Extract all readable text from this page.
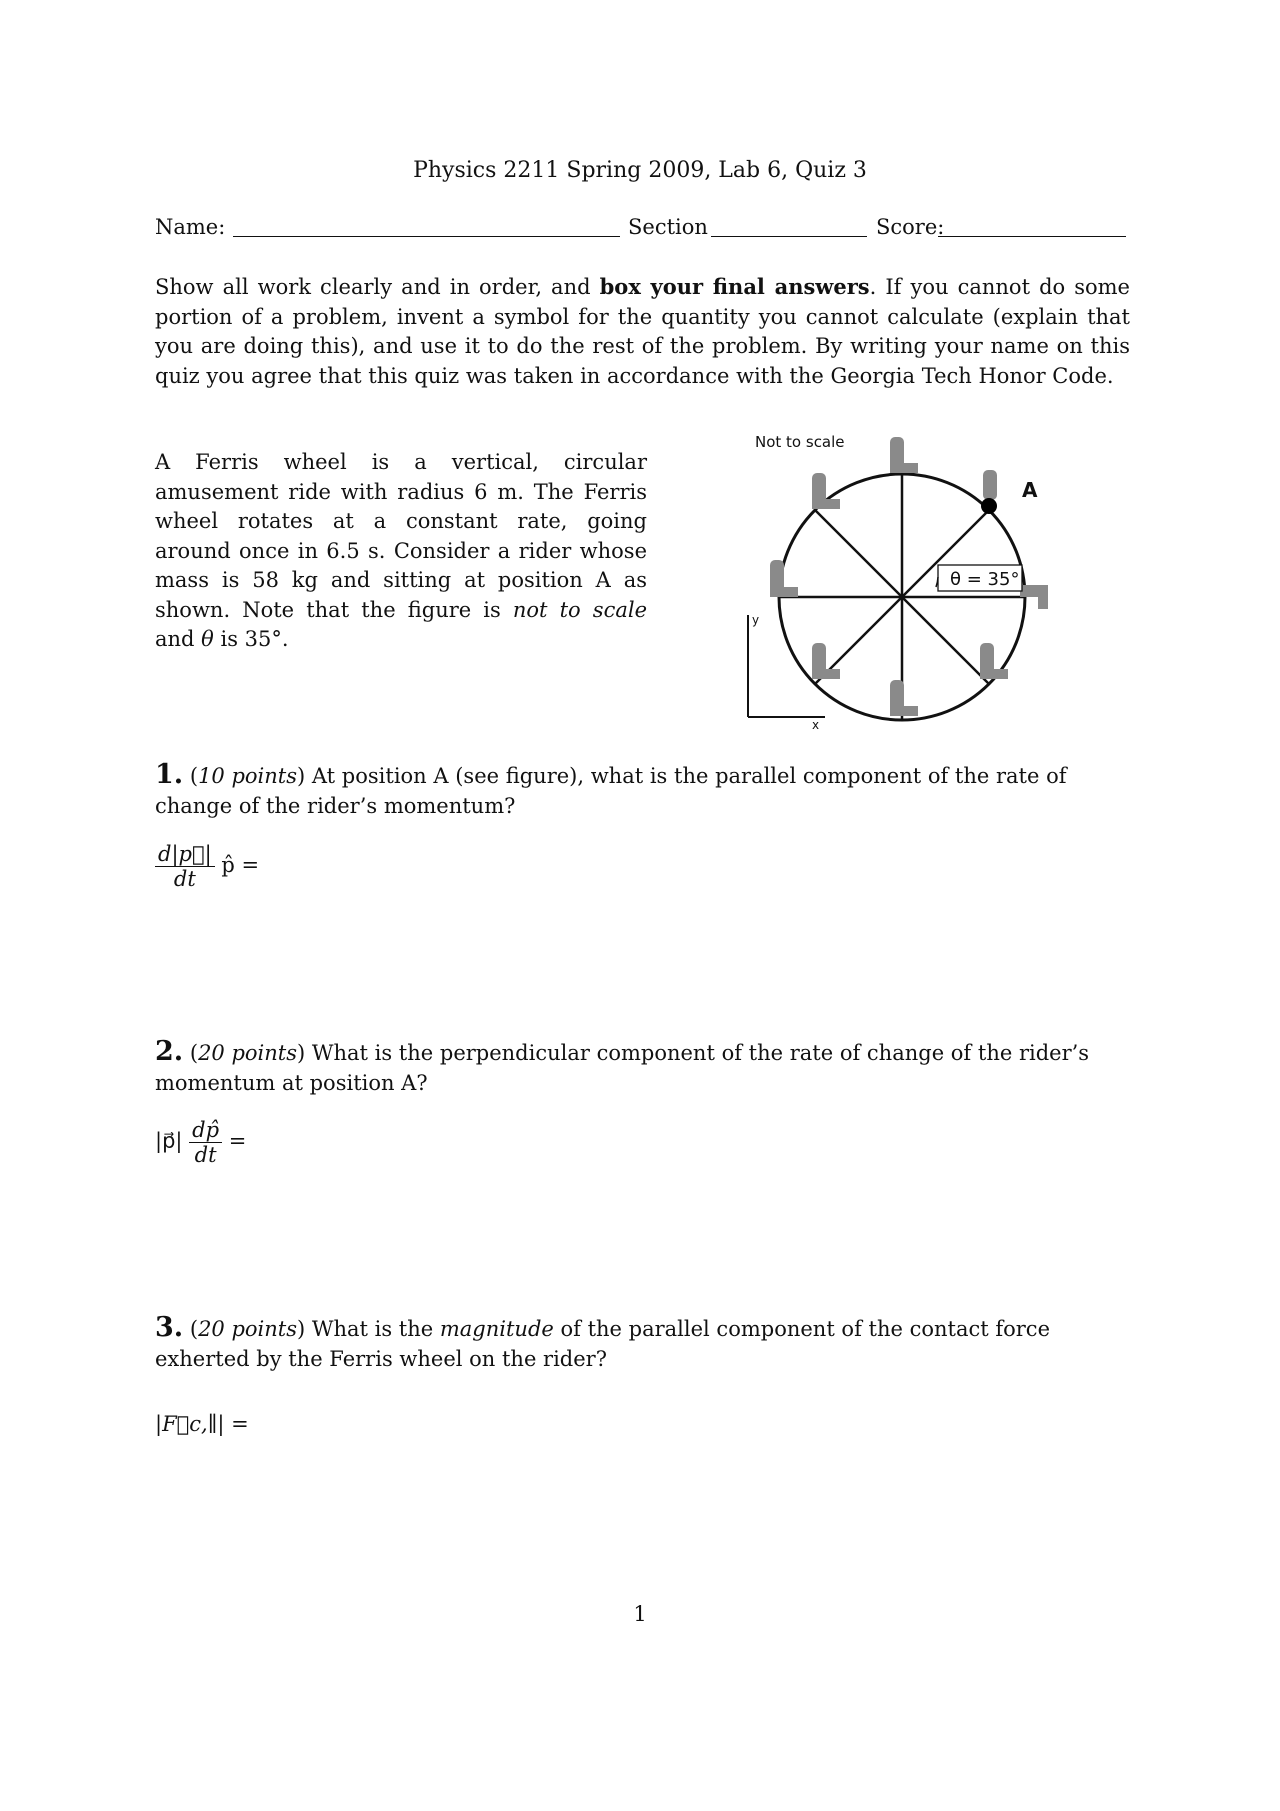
Physics 2211 Spring 2009, Lab 6, Quiz 3
Name:	Section	Score:
Show all work clearly and in order, and box your final answers. If you cannot do some portion of a problem, invent a symbol for the quantity you cannot calculate (explain that you are doing this), and use it to do the rest of the problem. By writing your name on this quiz you agree that this quiz was taken in accordance with the Georgia Tech Honor Code.
A Ferris wheel is a vertical, circular amusement ride with radius 6 m. The Ferris wheel rotates at a constant rate, going around once in 6.5 s. Consider a rider whose mass is 58 kg and sitting at position A as shown. Note that the figure is not to scale and θ is 35°.
Not to scale
y
x
A
θ = 35°
1. (10 points) At position A (see figure), what is the parallel component of the rate of change of the rider’s momentum?
$\frac{d|p⃗|}{dt}$ p̂ =
2. (20 points) What is the perpendicular component of the rate of change of the rider’s momentum at position A?
|p⃗| $\frac{dp̂}{dt}$ =
3. (20 points) What is the magnitude of the parallel component of the contact force exherted by the Ferris wheel on the rider?
|F⃗c,∥| =
1
